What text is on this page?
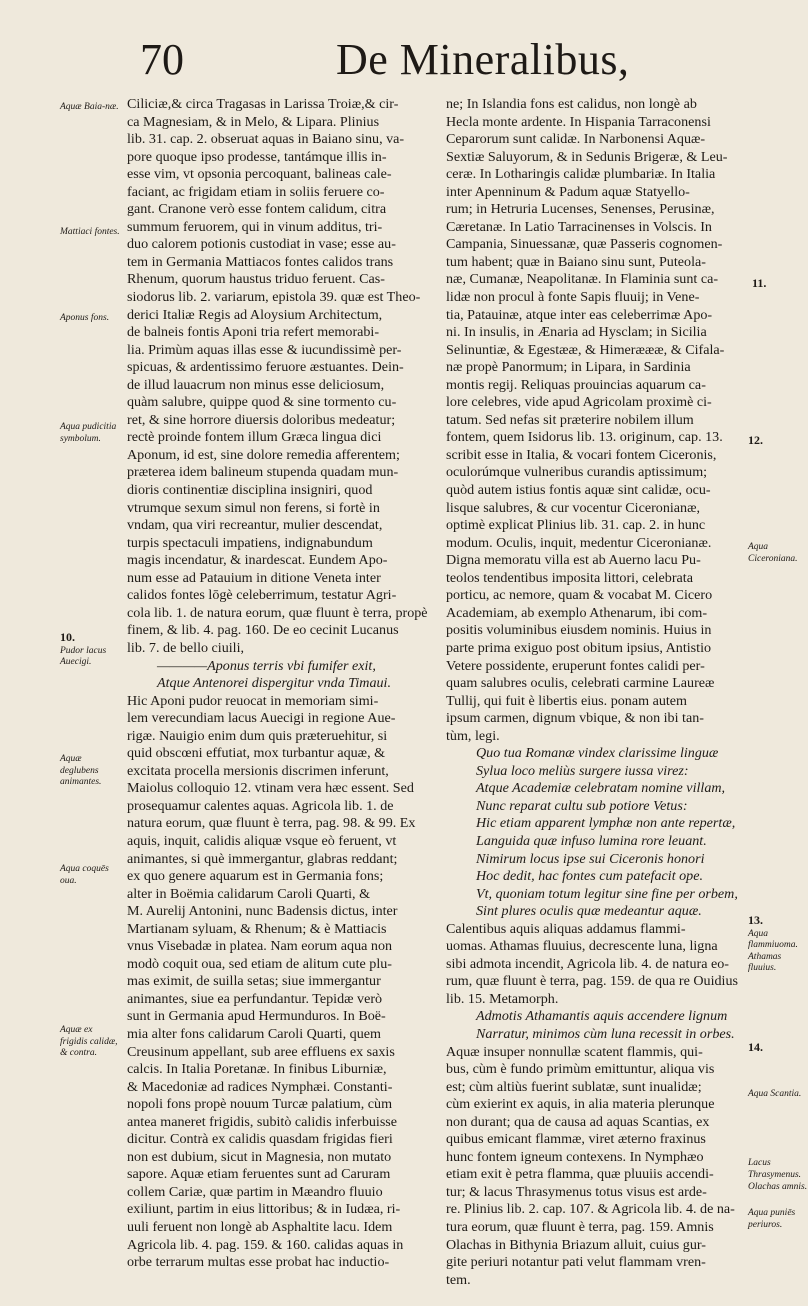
70	De Mineralibus,
Aquæ Baia-næ.
Mattiaci fontes.
Aponus fons.
Aqua pudicitia symbolum.
10.
Pudor lacus Auecigi.
Aquæ deglubens animantes.
Aqua coquēs oua.
Aquæ ex frigidis calidæ, & contra.
11.
12.
Aqua Ciceroniana.
13.
Aqua flammiuoma.
Athamas fluuius.
14.
Aqua Scantia.
Lacus Thrasymenus.
Olachas amnis.
Aqua puniēs periuros.
Ciliciæ,& circa Tragasas in Larissa Troiæ,& cir-
ca Magnesiam, & in Melo, & Lipara. Plinius
lib. 31. cap. 2. obseruat aquas in Baiano sinu, va-
pore quoque ipso prodesse, tantámque illis in-
esse vim, vt opsonia percoquant, balineas cale-
faciant, ac frigidam etiam in soliis feruere co-
gant. Cranone verò esse fontem calidum, citra
summum feruorem, qui in vinum additus, tri-
duo calorem potionis custodiat in vase; esse au-
tem in Germania Mattiacos fontes calidos trans
Rhenum, quorum haustus triduo feruent. Cas-
siodorus lib. 2. variarum, epistola 39. quæ est Theo-
derici Italiæ Regis ad Aloysium Architectum,
de balneis fontis Aponi tria refert memorabi-
lia. Primùm aquas illas esse & iucundissimè per-
spicuas, & ardentissimo feruore æstuantes. Dein-
de illud lauacrum non minus esse deliciosum,
quàm salubre, quippe quod & sine tormento cu-
ret, & sine horrore diuersis doloribus medeatur;
rectè proinde fontem illum Græca lingua dici
Aponum, id est, sine dolore remedia afferentem;
præterea idem balineum stupenda quadam mun-
dioris continentiæ disciplina insigniri, quod
vtrumque sexum simul non ferens, si fortè in
vndam, qua viri recreantur, mulier descendat,
turpis spectaculi impatiens, indignabundum
magis incendatur, & inardescat. Eundem Apo-
num esse ad Patauium in ditione Veneta inter
calidos fontes lōgè celeberrimum, testatur Agri-
cola lib. 1. de natura eorum, quæ fluunt è terra, propè
finem, & lib. 4. pag. 160. De eo cecinit Lucanus
lib. 7. de bello ciuili,
————Aponus terris vbi fumifer exit,
Atque Antenorei dispergitur vnda Timaui.
Hic Aponi pudor reuocat in memoriam simi-
lem verecundiam lacus Auecigi in regione Aue-
rigæ. Nauigio enim dum quis præteruehitur, si
quid obscœni effutiat, mox turbantur aquæ, &
excitata procella mersionis discrimen inferunt,
Maiolus colloquio 12. vtinam vera hæc essent. Sed
prosequamur calentes aquas. Agricola lib. 1. de
natura eorum, quæ fluunt è terra, pag. 98. & 99. Ex
aquis, inquit, calidis aliquæ vsque eò feruent, vt
animantes, si què immergantur, glabras reddant;
ex quo genere aquarum est in Germania fons;
alter in Boëmia calidarum Caroli Quarti, &
M. Aurelij Antonini, nunc Badensis dictus, inter
Martianam syluam, & Rhenum; & è Mattiacis
vnus Visebadæ in platea. Nam eorum aqua non
modò coquit oua, sed etiam de alitum cute plu-
mas eximit, de suilla setas; siue immergantur
animantes, siue ea perfundantur. Tepidæ verò
sunt in Germania apud Hermunduros. In Boë-
mia alter fons calidarum Caroli Quarti, quem
Creusinum appellant, sub aree effluens ex saxis
calcis. In Italia Poretanæ. In finibus Liburniæ,
& Macedoniæ ad radices Nymphæi. Constanti-
nopoli fons propè nouum Turcæ palatium, cùm
antea maneret frigidis, subitò calidis inferbuisse
dicitur. Contrà ex calidis quasdam frigidas fieri
non est dubium, sicut in Magnesia, non mutato
sapore. Aquæ etiam feruentes sunt ad Caruram
collem Cariæ, quæ partim in Mæandro fluuio
exiliunt, partim in eius littoribus; & in Iudæa, ri-
uuli feruent non longè ab Asphaltite lacu. Idem
Agricola lib. 4. pag. 159. & 160. calidas aquas in
orbe terrarum multas esse probat hac inductio-
ne; In Islandia fons est calidus, non longè ab
Hecla monte ardente. In Hispania Tarraconensi
Ceparorum sunt calidæ. In Narbonensi Aquæ-
Sextiæ Saluyorum, & in Sedunis Brigeræ, & Leu-
ceræ. In Lotharingis calidæ plumbariæ. In Italia
inter Apenninum & Padum aquæ Statyello-
rum; in Hetruria Lucenses, Senenses, Perusinæ,
Cæretanæ. In Latio Tarracinenses in Volscis. In
Campania, Sinuessanæ, quæ Passeris cognomen-
tum habent; quæ in Baiano sinu sunt, Puteola-
næ, Cumanæ, Neapolitanæ. In Flaminia sunt ca-
lidæ non procul à fonte Sapis fluuij; in Vene-
tia, Patauinæ, atque inter eas celeberrimæ Apo-
ni. In insulis, in Ænaria ad Hysclam; in Sicilia
Selinuntiæ, & Egestææ, & Himeræææ, & Cifala-
næ propè Panormum; in Lipara, in Sardinia
montis regij. Reliquas prouincias aquarum ca-
lore celebres, vide apud Agricolam proximè ci-
tatum. Sed nefas sit præterire nobilem illum
fontem, quem Isidorus lib. 13. originum, cap. 13.
scribit esse in Italia, & vocari fontem Ciceronis,
oculorúmque vulneribus curandis aptissimum;
quòd autem istius fontis aquæ sint calidæ, ocu-
lisque salubres, & cur vocentur Ciceronianæ,
optimè explicat Plinius lib. 31. cap. 2. in hunc
modum. Oculis, inquit, medentur Ciceronianæ.
Digna memoratu villa est ab Auerno lacu Pu-
teolos tendentibus imposita littori, celebrata
porticu, ac nemore, quam & vocabat M. Cicero
Academiam, ab exemplo Athenarum, ibi com-
positis voluminibus eiusdem nominis. Huius in
parte prima exiguo post obitum ipsius, Antistio
Vetere possidente, eruperunt fontes calidi per-
quam salubres oculis, celebrati carmine Laureæ
Tullij, qui fuit è libertis eius. ponam autem
ipsum carmen, dignum vbique, & non ibi tan-
tùm, legi.
Quo tua Romanæ vindex clarissime linguæ
Sylua loco meliùs surgere iussa virez:
Atque Academiæ celebratam nomine villam,
Nunc reparat cultu sub potiore Vetus:
Hic etiam apparent lymphæ non ante repertæ,
Languida quæ infuso lumina rore leuant.
Nimirum locus ipse sui Ciceronis honori
Hoc dedit, hac fontes cum patefacit ope.
Vt, quoniam totum legitur sine fine per orbem,
Sint plures oculis quæ medeantur aquæ.
Calentibus aquis aliquas addamus flammi-
uomas. Athamas fluuius, decrescente luna, ligna
sibi admota incendit, Agricola lib. 4. de natura eo-
rum, quæ fluunt è terra, pag. 159. de qua re Ouidius
lib. 15. Metamorph.
Admotis Athamantis aquis accendere lignum
Narratur, minimos cùm luna recessit in orbes.
Aquæ insuper nonnullæ scatent flammis, qui-
bus, cùm è fundo primùm emittuntur, aliqua vis
est; cùm altiùs fuerint sublatæ, sunt inualidæ;
cùm exierint ex aquis, in alia materia plerunque
non durant; qua de causa ad aquas Scantias, ex
quibus emicant flammæ, viret æterno fraxinus
hunc fontem igneum contexens. In Nymphæo
etiam exit è petra flamma, quæ pluuiis accendi-
tur; & lacus Thrasymenus totus visus est arde-
re. Plinius lib. 2. cap. 107. & Agricola lib. 4. de na-
tura eorum, quæ fluunt è terra, pag. 159. Amnis
Olachas in Bithynia Briazum alluit, cuius gur-
gite periuri notantur pati velut flammam vren-
tem.
